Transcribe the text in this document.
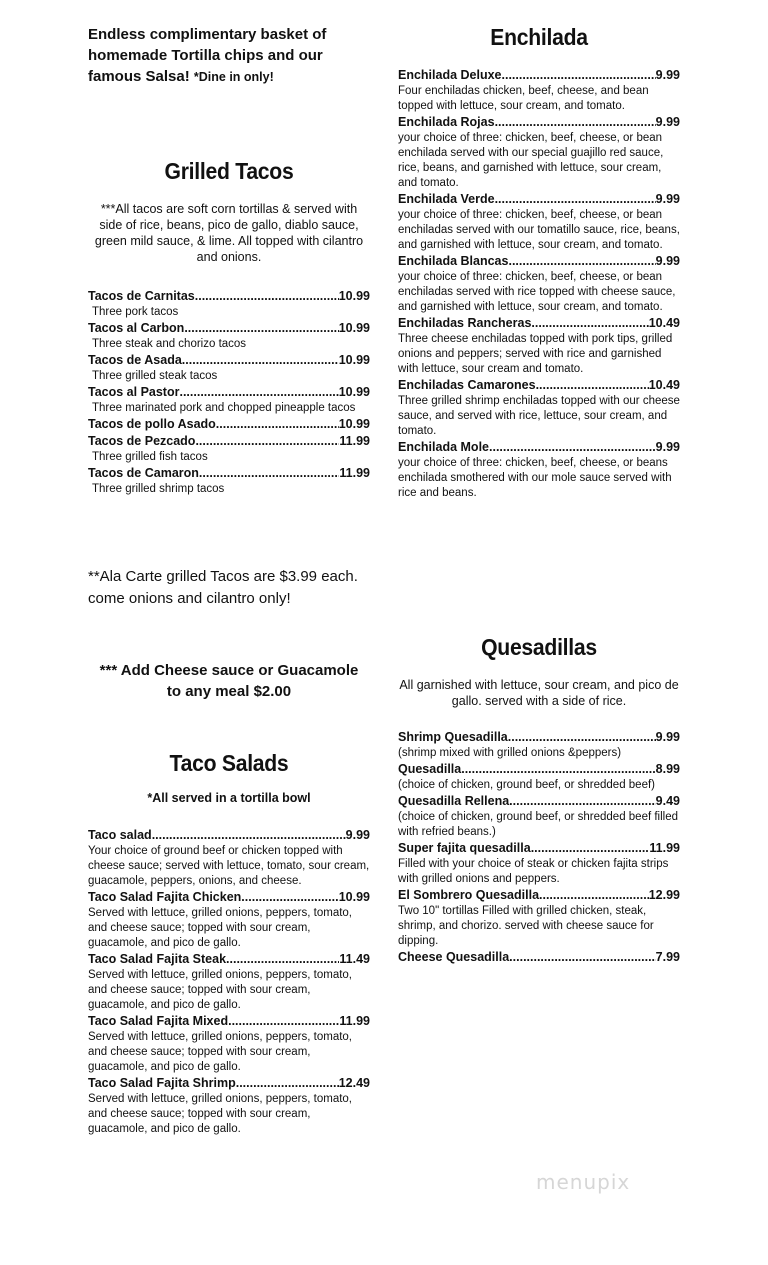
Endless complimentary basket of homemade Tortilla chips and our famous Salsa! *Dine in only!
Grilled Tacos
***All tacos are soft corn tortillas & served with side of rice, beans, pico de gallo, diablo sauce, green mild sauce, & lime. All topped with cilantro and onions.
Tacos de Carnitas .....	10.99
Three pork tacos
Tacos al Carbon .....	10.99
Three steak and chorizo tacos
Tacos de Asada .....	10.99
Three grilled steak tacos
Tacos al Pastor .....	10.99
Three marinated pork and chopped pineapple tacos
Tacos de pollo Asado .....	10.99
Tacos de Pezcado .....	11.99
Three grilled fish tacos
Tacos de Camaron .....	11.99
Three grilled shrimp tacos
**Ala Carte grilled Tacos are $3.99 each. come onions and cilantro only!
*** Add Cheese sauce or Guacamole to any meal $2.00
Taco Salads
*All served in a tortilla bowl
Taco salad .....	9.99
Your choice of ground beef or chicken topped with cheese sauce; served with lettuce, tomato, sour cream, guacamole, peppers, onions, and cheese.
Taco Salad Fajita Chicken .....	10.99
Served with lettuce, grilled onions, peppers, tomato, and cheese sauce; topped with sour cream, guacamole, and pico de gallo.
Taco Salad Fajita Steak .....	11.49
Served with lettuce, grilled onions, peppers, tomato, and cheese sauce; topped with sour cream, guacamole, and pico de gallo.
Taco Salad Fajita Mixed .....	11.99
Served with lettuce, grilled onions, peppers, tomato, and cheese sauce; topped with sour cream, guacamole, and pico de gallo.
Taco Salad Fajita Shrimp .....	12.49
Served with lettuce, grilled onions, peppers, tomato, and cheese sauce; topped with sour cream, guacamole, and pico de gallo.
Enchilada
Enchilada Deluxe .....	9.99
Four enchiladas chicken, beef, cheese, and bean topped with lettuce, sour cream, and tomato.
Enchilada Rojas .....	9.99
your choice of three: chicken, beef, cheese, or bean enchilada served with our special guajillo red sauce, rice, beans, and garnished with lettuce, sour cream, and tomato.
Enchilada Verde .....	9.99
your choice of three: chicken, beef, cheese, or bean enchiladas served with our tomatillo sauce, rice, beans, and garnished with lettuce, sour cream, and tomato.
Enchilada Blancas .....	9.99
your choice of three: chicken, beef, cheese, or bean enchiladas served with rice topped with cheese sauce, and garnished with lettuce, sour cream, and tomato.
Enchiladas Rancheras .....	10.49
Three cheese enchiladas topped with pork tips, grilled onions and peppers; served with rice and garnished with lettuce, sour cream and tomato.
Enchiladas Camarones .....	10.49
Three grilled shrimp enchiladas topped with our cheese sauce, and served with rice, lettuce, sour cream, and tomato.
Enchilada Mole .....	9.99
your choice of three: chicken, beef, cheese, or beans enchilada smothered with our mole sauce served with rice and beans.
Quesadillas
All garnished with lettuce, sour cream, and pico de gallo. served with a side of rice.
Shrimp Quesadilla .....	9.99
(shrimp mixed with grilled onions &peppers)
Quesadilla .....	8.99
(choice of chicken, ground beef, or shredded beef)
Quesadilla Rellena .....	9.49
(choice of chicken, ground beef, or shredded beef filled with refried beans.)
Super fajita quesadilla .....	11.99
Filled with your choice of steak or chicken fajita strips with grilled onions and peppers.
El Sombrero Quesadilla .....	12.99
Two 10" tortillas Filled with grilled chicken, steak, shrimp, and chorizo. served with cheese sauce for dipping.
Cheese Quesadilla .....	7.99
menupix
